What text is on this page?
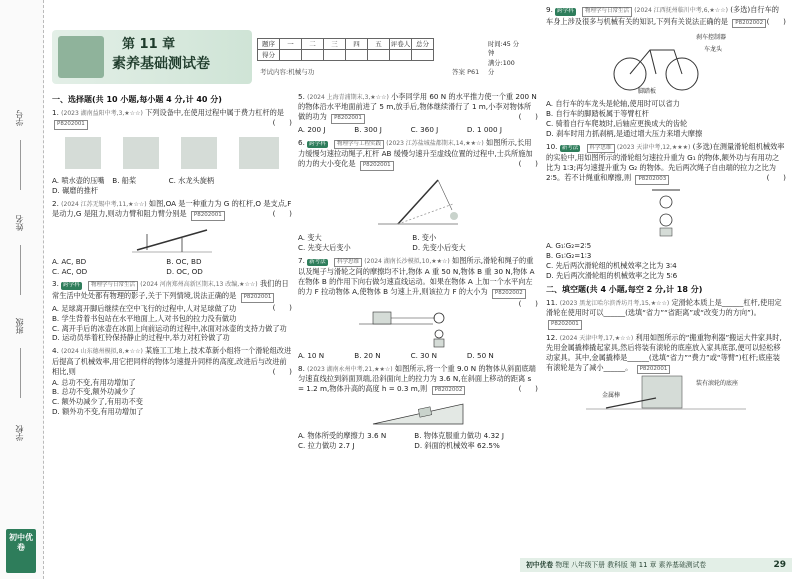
学号
姓名
班级
学校
初中优卷
第 11 章
素养基础测试卷
题序	一	二	三	四	五	评卷人	总分
得分							
时间:45 分钟
满分:100 分
考试内容:机械与功	答案 P61
一、选择题(共 10 小题,每小题 4 分,计 40 分)
1. (2023 湖南益阳中考,3,★☆☆) 下列设备中,在使用过程中属于费力杠杆的是 P8202001	(      )
A. 喷水壶的压嘴 B. 船桨	C. 水龙头旋柄 D. 碾磨的推杆
2. (2024 江苏无锡中考,11,★☆☆) 如图,OA 是一种重力为 G 的杠杆,O 是支点,F 是动力,G 是阻力,则动力臂和阻力臂分别是 P8202001	(      )
A. AC, BD	B. OC, BD
C. AC, OD	D. OC, OD
3. 跨学科 物理学与日常生活 (2024 河南郑州高新区期末,13 改编,★☆☆) 我们的日常生活中处处都有物理的影子,关于下列情境,说法正确的是 P8202001
(      )
A. 足球离开脚后继续在空中飞行的过程中,人对足球做了功
B. 学生背着书包站在水平地面上,人对书包的拉力没有做功
C. 离开手后的冰壶在冰面上向前运动的过程中,冰面对冰壶的支持力做了功
D. 运动员举着杠铃保持静止的过程中,举力对杠铃做了功
4. (2024 山东德州模拟,8,★☆☆) 某施工工地上,技术革新小组将一个滑轮组改进后提高了机械效率,用它把同样的物体匀速提升同样的高度,改进后与改进前相比,则	(      )
A. 总功不变,有用功增加了
B. 总功不变,额外功减少了
C. 额外功减少了,有用功不变
D. 额外功不变,有用功增加了
5. (2024 上海青浦期末,3,★☆☆) 小李同学用 60 N 的水平推力使一个重 200 N 的物体沿水平地面前进了 5 m,放手后,物体继续滑行了 1 m,小李对物体所做的功为 P8202001	(      )
A. 200 J	B. 300 J	C. 360 J	D. 1 000 J
6. 跨学科 物理学与工程实践 (2023 江苏盐城盐都期末,14,★★☆) 如图所示,长用力缓慢匀速拉动绳子,杠杆 AB 缓慢匀速升至虚线位置的过程中,士兵所施加的力的大小变化是 P8202001	(      )
A. 变大	B. 变小
C. 先变大后变小	D. 先变小后变大
7. 新考法 科学思维 (2024 湖南长沙模拟,10,★★☆) 如图所示,滑轮和绳子的重以及绳子与滑轮之间的摩擦均不计,物体 A 重 50 N,物体 B 重 30 N,物体 A 在物体 B 的作用下向右做匀速直线运动。如果在物体 A 上加一个水平向左的力 F 拉动物体 A,使物体 B 匀速上升,则该拉力 F 的大小为 P8202002
(      )
A. 10 N	B. 20 N	C. 30 N	D. 50 N
8. (2023 湖南永州中考,21,★★☆) 如图所示,将一个重 9.0 N 的物体从斜面底端匀速直线拉到斜面顶端,沿斜面向上的拉力为 3.6 N,在斜面上移动的距离 s = 1.2 m,物体升高的高度 h = 0.3 m,则 P8202002	(      )
A. 物体所受的摩擦力 3.6 N	B. 物体克服重力做功 4.32 J
C. 拉力做功 2.7 J	D. 斜面的机械效率 62.5%
9. 跨学科 物理学与日常生活 (2024 江西抚州临川中考,6,★☆☆) (多选)自行车的车身上涉及很多与机械有关的知识,下列有关说法正确的是 P8202002 (      )
刹车控制器
车龙头
脚踏板
A. 自行车的车龙头是轮轴,使用时可以省力
B. 自行车的脚踏板属于等臂杠杆
C. 骑着自行车爬坡时,后轴应更换成大的齿轮
D. 刹车时用力抓刹柄,是通过增大压力来增大摩擦
10. 新考法 科学思维 (2023 天津中考,12,★★★) (多选)在测量滑轮组机械效率的实验中,用如图所示的滑轮组匀速拉升重为 G₁ 的物体,额外功与有用功之比为 1∶3;再匀速提升重为 G₂ 的物体。先后两次绳子自由端的拉力之比为 2∶5。若不计绳重和摩擦,则 P8202003	(      )
A. G₁∶G₂=2∶5
B. G₁∶G₂=1∶3
C. 先后两次滑轮组的机械效率之比为 3∶4
D. 先后两次滑轮组的机械效率之比为 5∶6
二、填空题(共 4 小题,每空 2 分,计 18 分)
11. (2023 黑龙江哈尔滨香坊月考,15,★☆☆) 定滑轮本质上是______杠杆,使用定滑轮在使用时可以______(选填“省力”“省距离”或“改变力的方向”)。 P8202001
12. (2024 天津中考,17,★☆☆) 利用如图所示的“搬重物利器”搬运大件家具时,先用金属撬棒撬起家具,然后将装有滚轮的底座放入家具底部,便可以轻松移动家具。其中,金属撬棒是______(选填“省力”“费力”或“等臂”)杠杆;底座装有滚轮是为了减小______。 P8202001
金属棒
装有滚轮的底座
初中优卷 物理 八年级下册 教科版 第 11 章 素养基础测试卷	29
